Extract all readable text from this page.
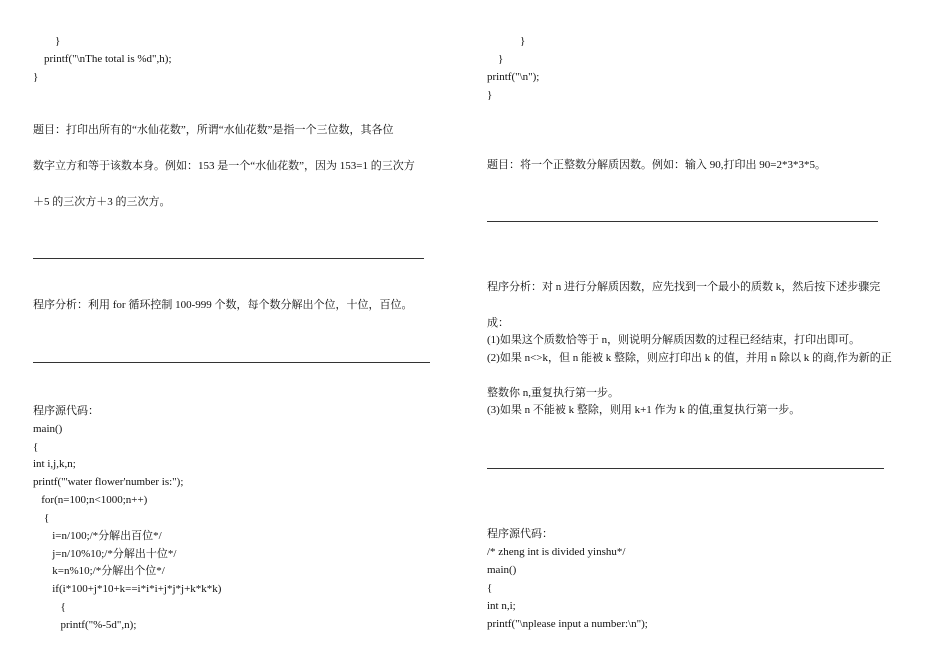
}
printf("\nThe total is %d",h);
}
题目：打印出所有的“水仙花数”，所谓“水仙花数”是指一个三位数，其各位
数字立方和等于该数本身。例如：153 是一个“水仙花数”，因为 153=1 的三次方
＋5 的三次方＋3 的三次方。
程序分析：利用 for 循环控制 100-999 个数，每个数分解出个位，十位，百位。
程序源代码：
main()
{
int i,j,k,n;
printf("'water flower'number is:");
for(n=100;n<1000;n++)
{
i=n/100;/*分解出百位*/
j=n/10%10;/*分解出十位*/
k=n%10;/*分解出个位*/
if(i*100+j*10+k==i*i*i+j*j*j+k*k*k)
{
printf("%-5d",n);
}
}
printf("\n");
}
题目：将一个正整数分解质因数。例如：输入 90,打印出 90=2*3*3*5。
程序分析：对 n 进行分解质因数，应先找到一个最小的质数 k，然后按下述步骤完
成：
(1)如果这个质数恰等于 n，则说明分解质因数的过程已经结束，打印出即可。
(2)如果 n<>k，但 n 能被 k 整除，则应打印出 k 的值，并用 n 除以 k 的商,作为新的正
整数你 n,重复执行第一步。
(3)如果 n 不能被 k 整除，则用 k+1 作为 k 的值,重复执行第一步。
程序源代码：
/* zheng int is divided yinshu*/
main()
{
int n,i;
printf("\nplease input a number:\n");
